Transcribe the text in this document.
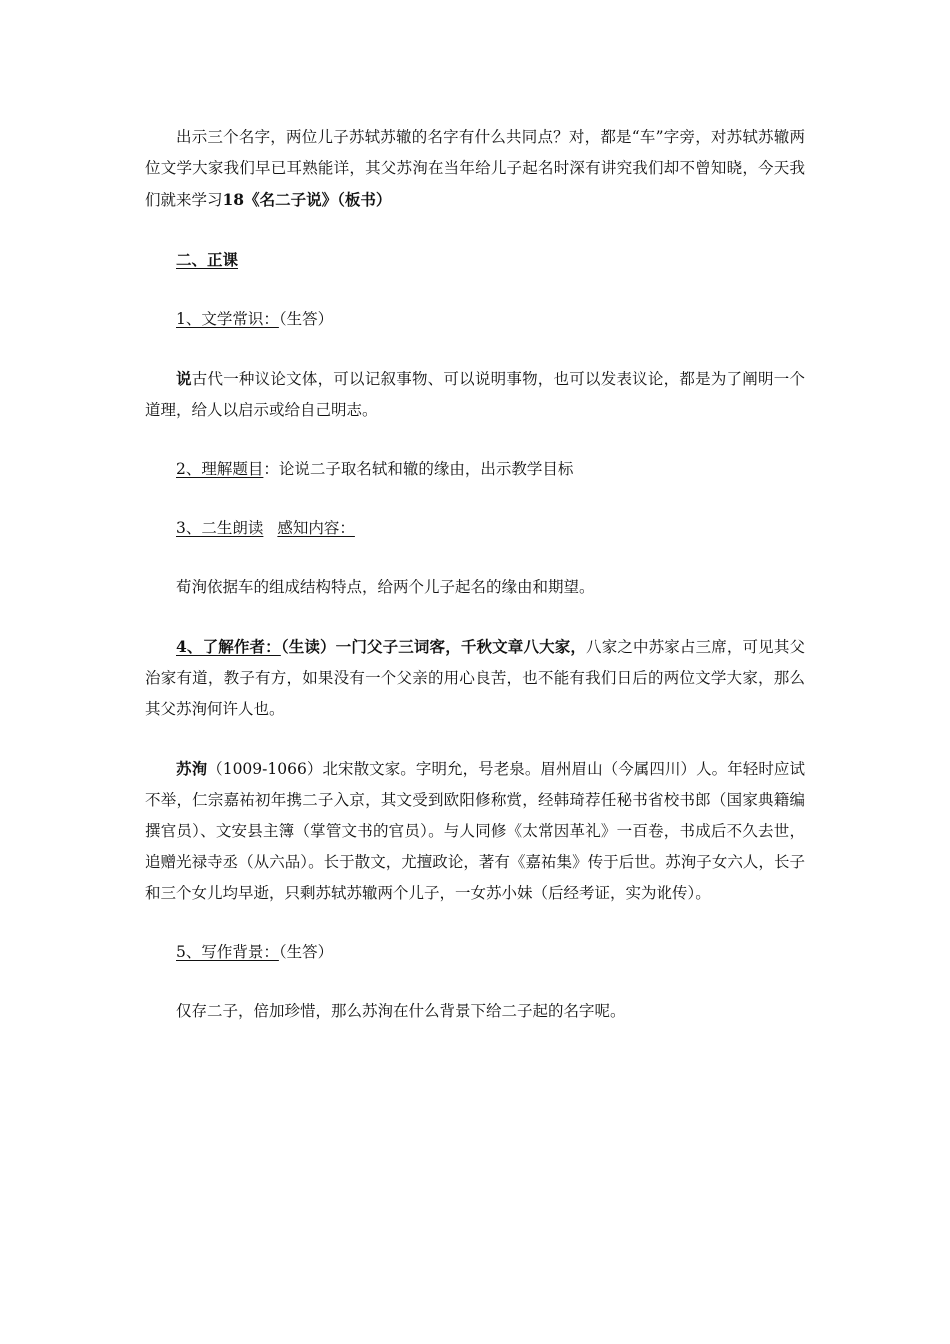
出示三个名字，两位儿子苏轼苏辙的名字有什么共同点？对，都是“车”字旁，对苏轼苏辙两位文学大家我们早已耳熟能详，其父苏洵在当年给儿子起名时深有讲究我们却不曾知晓，今天我们就来学习18《名二子说》（板书）

二、正课

1、文学常识：（生答）

说古代一种议论文体，可以记叙事物、可以说明事物，也可以发表议论，都是为了阐明一个道理，给人以启示或给自己明志。

2、理解题目：论说二子取名轼和辙的缘由，出示教学目标

3、二生朗读 感知内容：

荀洵依据车的组成结构特点，给两个儿子起名的缘由和期望。

4、了解作者：（生读）一门父子三词客，千秋文章八大家，八家之中苏家占三席，可见其父治家有道，教子有方，如果没有一个父亲的用心良苦，也不能有我们日后的两位文学大家，那么其父苏洵何许人也。

苏洵（1009-1066）北宋散文家。字明允，号老泉。眉州眉山（今属四川）人。年轻时应试不举，仁宗嘉祐初年携二子入京，其文受到欧阳修称赏，经韩琦荐任秘书省校书郎（国家典籍编撰官员）、文安县主簿（掌管文书的官员）。与人同修《太常因革礼》一百卷，书成后不久去世，追赠光禄寺丞（从六品）。长于散文，尤擅政论，著有《嘉祐集》传于后世。苏洵子女六人，长子和三个女儿均早逝，只剩苏轼苏辙两个儿子，一女苏小妹（后经考证，实为讹传）。

5、写作背景：（生答）

仅存二子，倍加珍惜，那么苏洵在什么背景下给二子起的名字呢。
